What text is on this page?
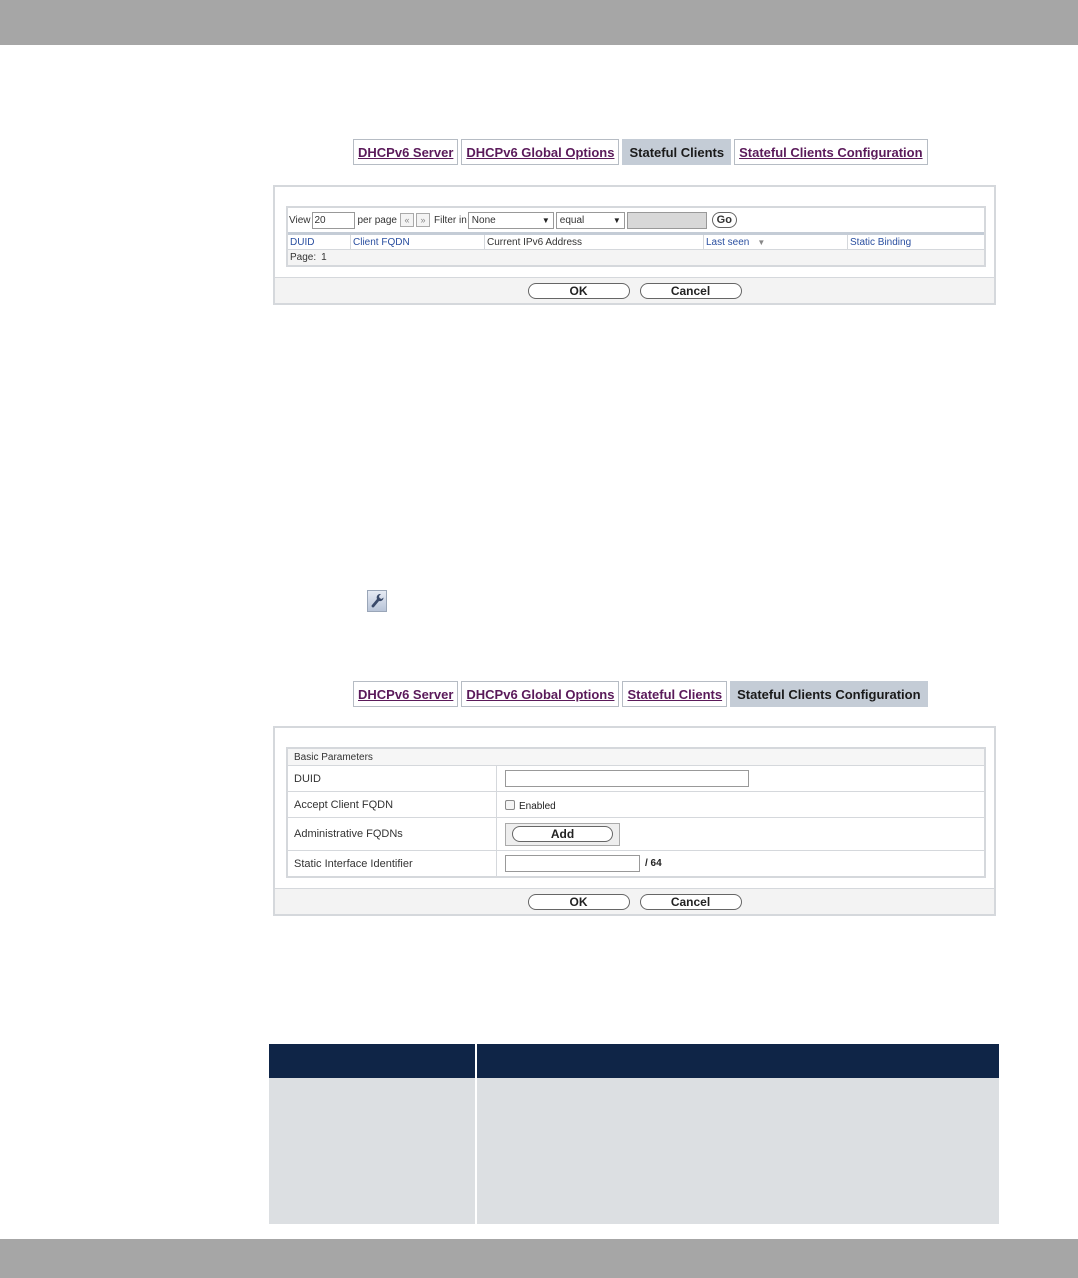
DHCPv6 Server	DHCPv6 Global Options	Stateful Clients	Stateful Clients Configuration
View 20	per page «	» Filter in None	▼ equal	▼	Go
DUID	Client FQDN	Current IPv6 Address	Last seen ▼	Static Binding
Page: 1
OK	Cancel
DHCPv6 Server	DHCPv6 Global Options	Stateful Clients	Stateful Clients Configuration
Basic Parameters
DUID
Accept Client FQDN	Enabled
Administrative FQDNs	Add
Static Interface Identifier	/ 64
OK	Cancel
